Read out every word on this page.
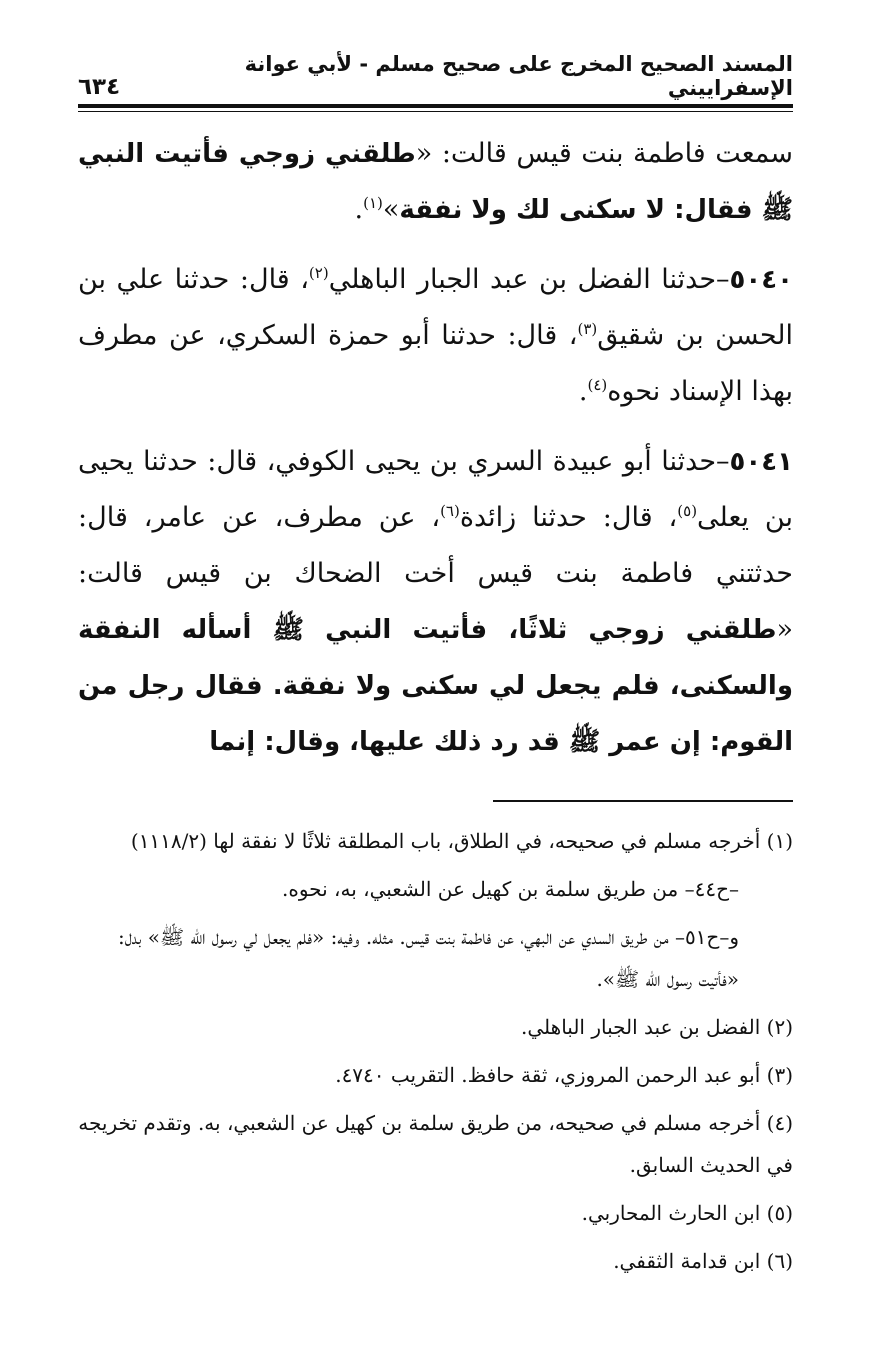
المسند الصحيح المخرج على صحيح مسلم - لأبي عوانة الإسفراييني
٦٣٤

سمعت فاطمة بنت قيس قالت: «طلقني زوجي فأتيت النبي ﷺ فقال: لا سكنى لك ولا نفقة»$^{(١)}$.

٥٠٤٠–حدثنا الفضل بن عبد الجبار الباهلي$^{(٢)}$، قال: حدثنا علي بن الحسن بن شقيق$^{(٣)}$، قال: حدثنا أبو حمزة السكري، عن مطرف بهذا الإسناد نحوه$^{(٤)}$.

٥٠٤١–حدثنا أبو عبيدة السري بن يحيى الكوفي، قال: حدثنا يحيى بن يعلى$^{(٥)}$، قال: حدثنا زائدة$^{(٦)}$، عن مطرف، عن عامر، قال: حدثتني فاطمة بنت قيس أخت الضحاك بن قيس قالت: «طلقني زوجي ثلاثًا، فأتيت النبي ﷺ أسأله النفقة والسكنى، فلم يجعل لي سكنى ولا نفقة. فقال رجل من القوم: إن عمر ﷺ قد رد ذلك عليها، وقال: إنما

(١) أخرجه مسلم في صحيحه، في الطلاق، باب المطلقة ثلاثًا لا نفقة لها (١١١٨/٢)

–ح٤٤– من طريق سلمة بن كهيل عن الشعبي، به، نحوه.

و–ح٥١– من طريق السدي عن البهي، عن فاطمة بنت قيس. مثله. وفيه: «فلم يجعل لي رسول الله ﷺ» بدل: «فأتيت رسول الله ﷺ».

(٢) الفضل بن عبد الجبار الباهلي.

(٣) أبو عبد الرحمن المروزي، ثقة حافظ. التقريب ٤٧٤٠.

(٤) أخرجه مسلم في صحيحه، من طريق سلمة بن كهيل عن الشعبي، به. وتقدم تخريجه في الحديث السابق.

(٥) ابن الحارث المحاربي.

(٦) ابن قدامة الثقفي.
